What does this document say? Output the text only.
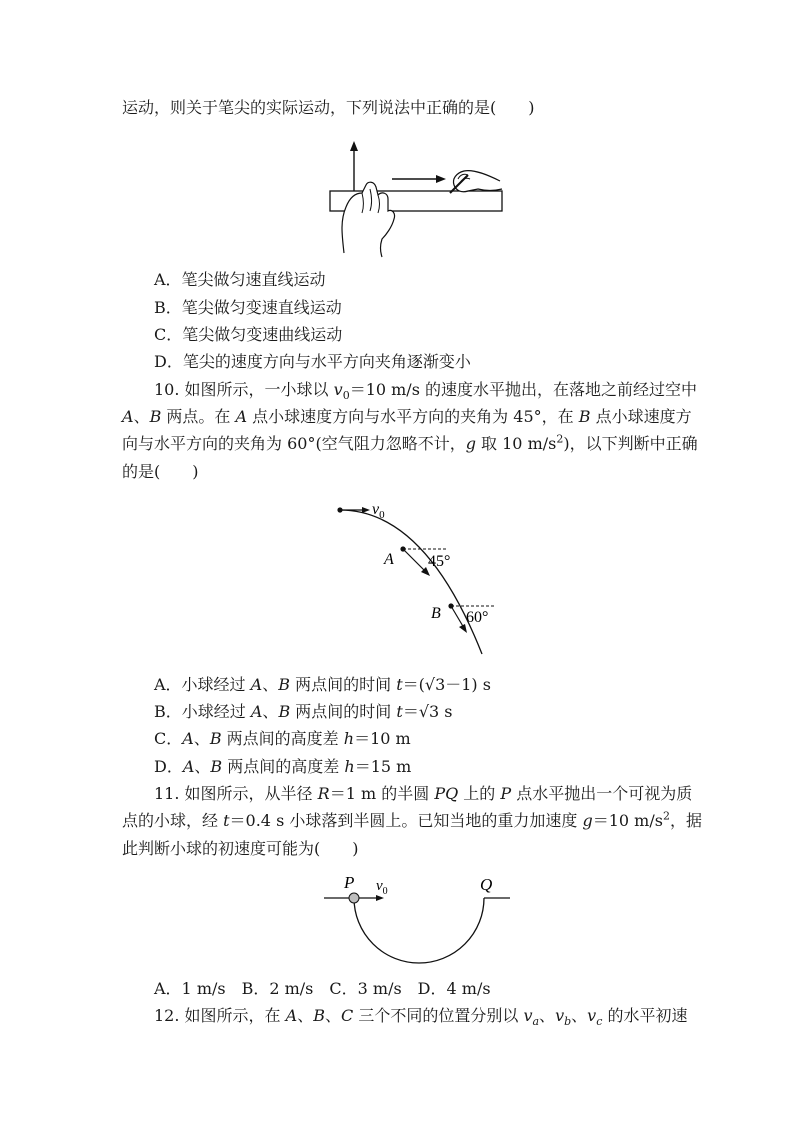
运动，则关于笔尖的实际运动，下列说法中正确的是(　　)
A．笔尖做匀速直线运动
B．笔尖做匀变速直线运动
C．笔尖做匀变速曲线运动
D．笔尖的速度方向与水平方向夹角逐渐变小
10. 如图所示，一小球以 $v_0=10$ m/s 的速度水平抛出，在落地之前经过空中
A、B 两点。在 A 点小球速度方向与水平方向的夹角为 45°，在 B 点小球速度方
向与水平方向的夹角为 60°(空气阻力忽略不计，g 取 10 $m/s^2$)，以下判断中正确
的是(　　)
$v_0$
A 45°
B 60°
A．小球经过 A、B 两点间的时间 t＝(√3－1) s
B．小球经过 A、B 两点间的时间 t＝√3 s
C．A、B 两点间的高度差 h＝10 m
D．A、B 两点间的高度差 h＝15 m
11. 如图所示，从半径 R＝1 m 的半圆 PQ 上的 P 点水平抛出一个可视为质
点的小球，经 t＝0.4 s 小球落到半圆上。已知当地的重力加速度 g＝10 $m/s^2$，据
此判断小球的初速度可能为(　　)
P $v_0$	Q
A．1 m/s　B．2 m/s　C．3 m/s　D．4 m/s
12. 如图所示，在 A、B、C 三个不同的位置分别以 $v_a$、$v_b$、$v_c$ 的水平初速
